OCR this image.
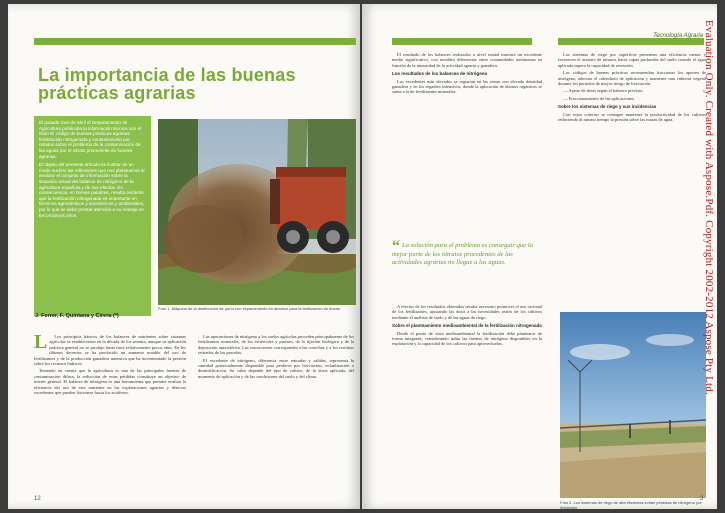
La importancia de las buenas prácticas agrarias

El pasado mes de abril el Departamento de Agricultura publicaba la información técnica con el título El código de buenas prácticas agrarias: fertilización nitrogenada y contaminación por nitratos sobre el problema de la contaminación de las aguas por el nitrato procedente de fuentes agrarias.

El objeto del presente artículo es ilustrar de un modo sucinto las reflexiones que nos planteamos al analizar el conjunto de información sobre la situación actual del balance de nitrógeno de la agricultura española y de sus efectos. En consecuencia, en breves palabras, resulta evidente que la fertilización nitrogenada es importante en términos agronómicos y económicos y ambientales, por lo que se debe prestar atención a su manejo en los próximos años.

Foto 1. Máquina de la distribución de purín con esparcimiento en abanico para la fertilización de fincas.
J. Ferrer, F. Quintana y Cirera (*)
L	Los principios básicos de los balances de nutrientes sobre sistemas agrícolas se establecieron en la década de los sesenta, aunque su aplicación práctica general no se produjo hasta hace relativamente pocos años. En los últimos decenios se ha producido un aumento notable del uso de fertilizantes y de la producción ganadera intensiva que ha incrementado la presión sobre los recursos hídricos.

Teniendo en cuenta que la agricultura es una de las principales fuentes de contaminación difusa, la reducción de estas pérdidas constituye un objetivo de interés general. El balance de nitrógeno es una herramienta que permite evaluar la eficiencia del uso de este nutriente en las explotaciones agrarias y detectar excedentes que pueden lixiviarse hacia los acuíferos.

Las aportaciones de nitrógeno a los suelos agrícolas proceden principalmente de los fertilizantes minerales, de los estiércoles y purines, de la fijación biológica y de la deposición atmosférica. Las extracciones corresponden a las cosechas y a los residuos retirados de las parcelas.

El excedente de nitrógeno, diferencia entre entradas y salidas, representa la cantidad potencialmente disponible para perderse por lixiviación, volatilización o desnitrificación. Su valor depende del tipo de cultivo, de la dosis aplicada, del momento de aplicación y de las condiciones del suelo y del clima.

12
Tecnología Agraria

El resultado de los balances realizados a nivel estatal muestra un excedente medio significativo, con notables diferencias entre comunidades autónomas en función de la intensidad de la actividad agraria y ganadera.

Los resultados de los balances de nitrógeno

Los excedentes más elevados se registran en las zonas con elevada densidad ganadera y en los regadíos intensivos, donde la aplicación de abonos orgánicos se suma a la de fertilizantes minerales.

“ La solución para el problema es conseguir que la mejor parte de los nitratos procedentes de las actividades agrarias no llegue a las aguas.

A efectos de los resultados obtenidos resulta necesario promover el uso racional de los fertilizantes, ajustando las dosis a las necesidades reales de los cultivos mediante el análisis de suelo y de las aguas de riego.

Sobre el planteamiento medioambiental de la fertilización nitrogenada

Desde el punto de vista medioambiental la fertilización debe plantearse de forma integrada, considerando todas las fuentes de nitrógeno disponibles en la explotación y la capacidad de los cultivos para aprovecharlas.

Los sistemas de riego por superficie presentan una eficiencia menor y favorecen el arrastre de nitratos hacia capas profundas del suelo cuando el agua aplicada supera la capacidad de retención.

Los códigos de buenas prácticas recomiendan fraccionar los aportes de nitrógeno, adecuar el calendario de aplicación y mantener una cubierta vegetal durante los períodos de mayor riesgo de lixiviación.

— Ajuste de dosis según el balance previsto.

— Fraccionamiento de las aplicaciones.

Sobre los sistemas de riego y sus incidencias

Con estos criterios se consigue mantener la productividad de los cultivos reduciendo al mismo tiempo la presión sobre las masas de agua.

Foto 2. Los sistemas de riego de alta eficiencia evitan pérdidas de nitrógeno por lixiviación.
3
Evaluation Only. Created with Aspose.Pdf. Copyright 2002-2012 Aspose Pty Ltd.
